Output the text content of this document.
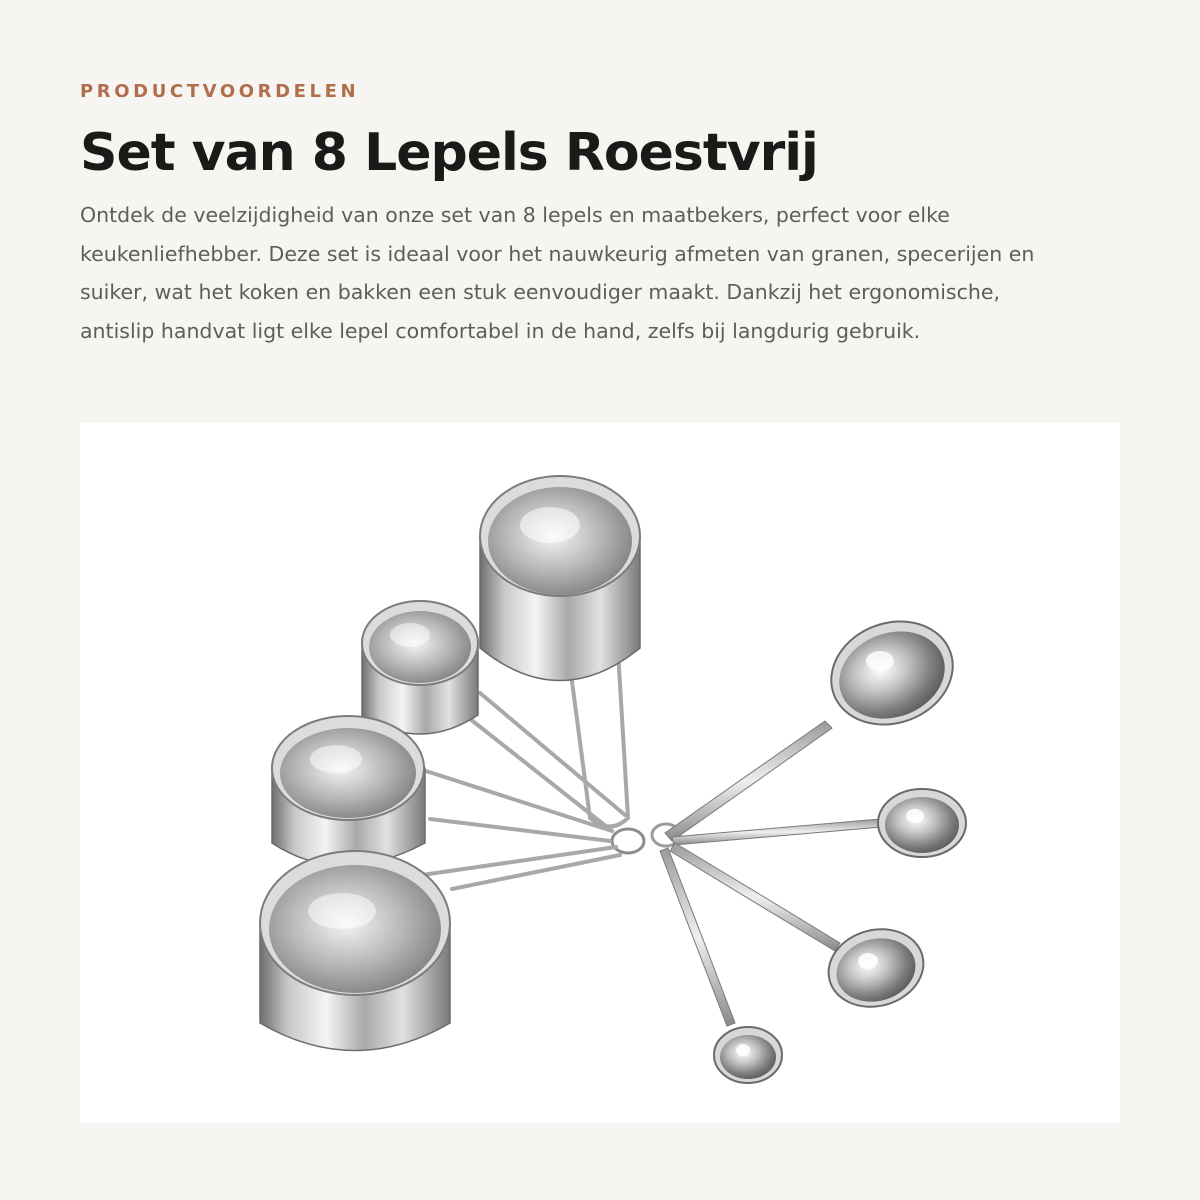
PRODUCTVOORDELEN
Set van 8 Lepels Roestvrij

Ontdek de veelzijdigheid van onze set van 8 lepels en maatbekers, perfect voor elke keukenliefhebber. Deze set is ideaal voor het nauwkeurig afmeten van granen, specerijen en suiker, wat het koken en bakken een stuk eenvoudiger maakt. Dankzij het ergonomische, antislip handvat ligt elke lepel comfortabel in de hand, zelfs bij langdurig gebruik.
